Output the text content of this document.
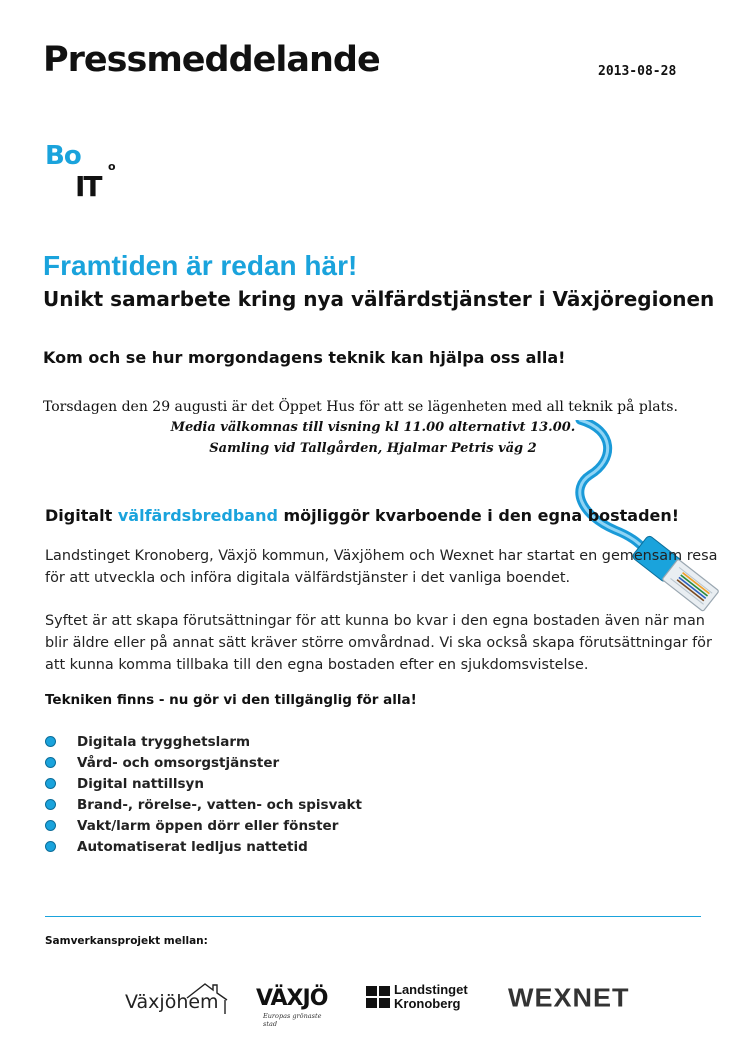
Pressmeddelande	2013-08-28
Bo
IT
o
Framtiden är redan här!
Unikt samarbete kring nya välfärdstjänster i Växjöregionen
Kom och se hur morgondagens teknik kan hjälpa oss alla!
Torsdagen den 29 augusti är det Öppet Hus för att se lägenheten med all teknik på plats.
Media välkomnas till visning kl 11.00 alternativt 13.00.
Samling vid Tallgården, Hjalmar Petris väg 2
Digitalt välfärdsbredband möjliggör kvarboende i den egna bostaden!
Landstinget Kronoberg, Växjö kommun, Växjöhem och Wexnet har startat en gemensam resa
för att utveckla och införa digitala välfärdstjänster i det vanliga boendet.
Syftet är att skapa förutsättningar för att kunna bo kvar i den egna bostaden även när man
blir äldre eller på annat sätt kräver större omvårdnad. Vi ska också skapa förutsättningar för
att kunna komma tillbaka till den egna bostaden efter en sjukdomsvistelse.
Tekniken finns - nu gör vi den tillgänglig för alla!
Digitala trygghetslarm
Vård- och omsorgstjänster
Digital nattillsyn
Brand-, rörelse-, vatten- och spisvakt
Vakt/larm öppen dörr eller fönster
Automatiserat ledljus nattetid
Samverkansprojekt mellan:
Växjöhem VÄXJÖ
Europas grönaste stad
Landstinget
Kronoberg WEXNET
